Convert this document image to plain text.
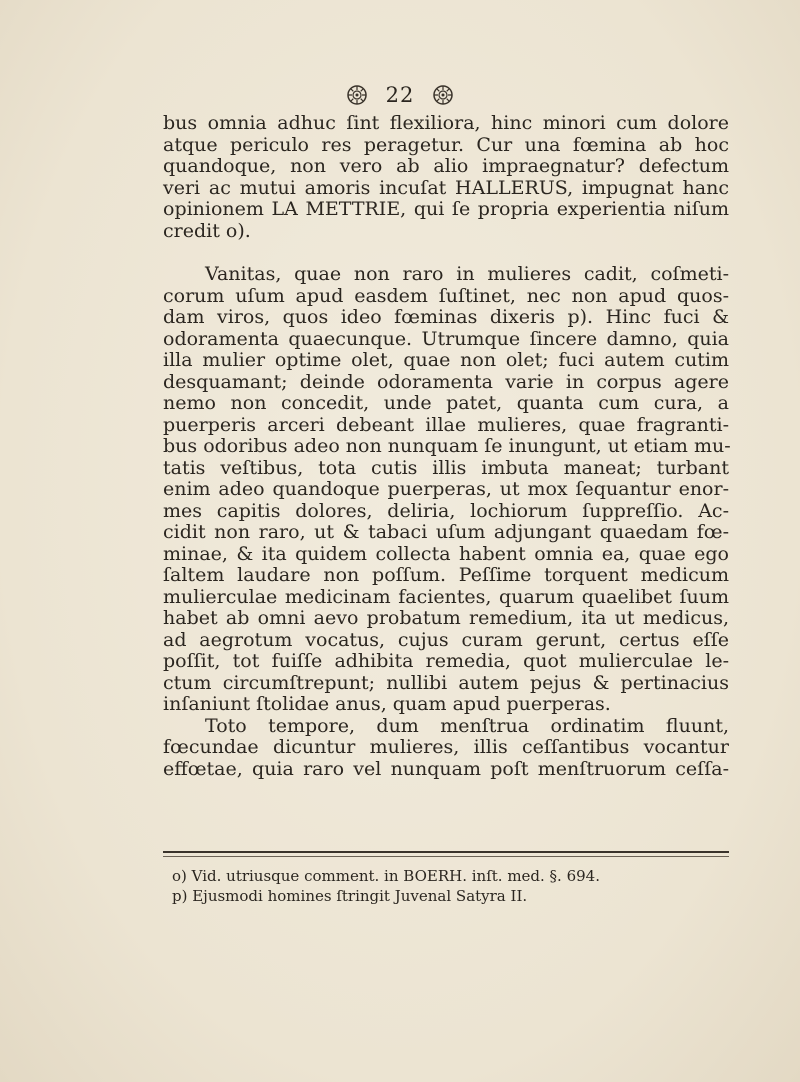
22
bus omnia adhuc ſint flexiliora, hinc minori cum dolore
atque periculo res peragetur. Cur una fœmina ab hoc
quandoque, non vero ab alio impraegnatur? defectum
veri ac mutui amoris incuſat HALLERUS, impugnat hanc
opinionem LA METTRIE, qui ſe propria experientia niſum
credit o).
Vanitas, quae non raro in mulieres cadit, coſmeti-
corum uſum apud easdem ſuſtinet, nec non apud quos-
dam viros, quos ideo fœminas dixeris p). Hinc fuci &
odoramenta quaecunque. Utrumque ſincere damno, quia
illa mulier optime olet, quae non olet; fuci autem cutim
desquamant; deinde odoramenta varie in corpus agere
nemo non concedit, unde patet, quanta cum cura, a
puerperis arceri debeant illae mulieres, quae fragranti-
bus odoribus adeo non nunquam ſe inungunt, ut etiam mu-
tatis veſtibus, tota cutis illis imbuta maneat; turbant
enim adeo quandoque puerperas, ut mox ſequantur enor-
mes capitis dolores, deliria, lochiorum ſuppreſſio. Ac-
cidit non raro, ut & tabaci uſum adjungant quaedam fœ-
minae, & ita quidem collecta habent omnia ea, quae ego
ſaltem laudare non poſſum. Peſſime torquent medicum
mulierculae medicinam facientes, quarum quaelibet ſuum
habet ab omni aevo probatum remedium, ita ut medicus,
ad aegrotum vocatus, cujus curam gerunt, certus eſſe
poſſit, tot fuiſſe adhibita remedia, quot mulierculae le-
ctum circumſtrepunt; nullibi autem pejus & pertinacius
inſaniunt ſtolidae anus, quam apud puerperas.
Toto tempore, dum menſtrua ordinatim fluunt,
fœcundae dicuntur mulieres, illis ceſſantibus vocantur
effœtae, quia raro vel nunquam poſt menſtruorum ceſſa-
o) Vid. utriusque comment. in BOERH. inſt. med. §. 694.
p) Ejusmodi homines ſtringit Juvenal Satyra II.
